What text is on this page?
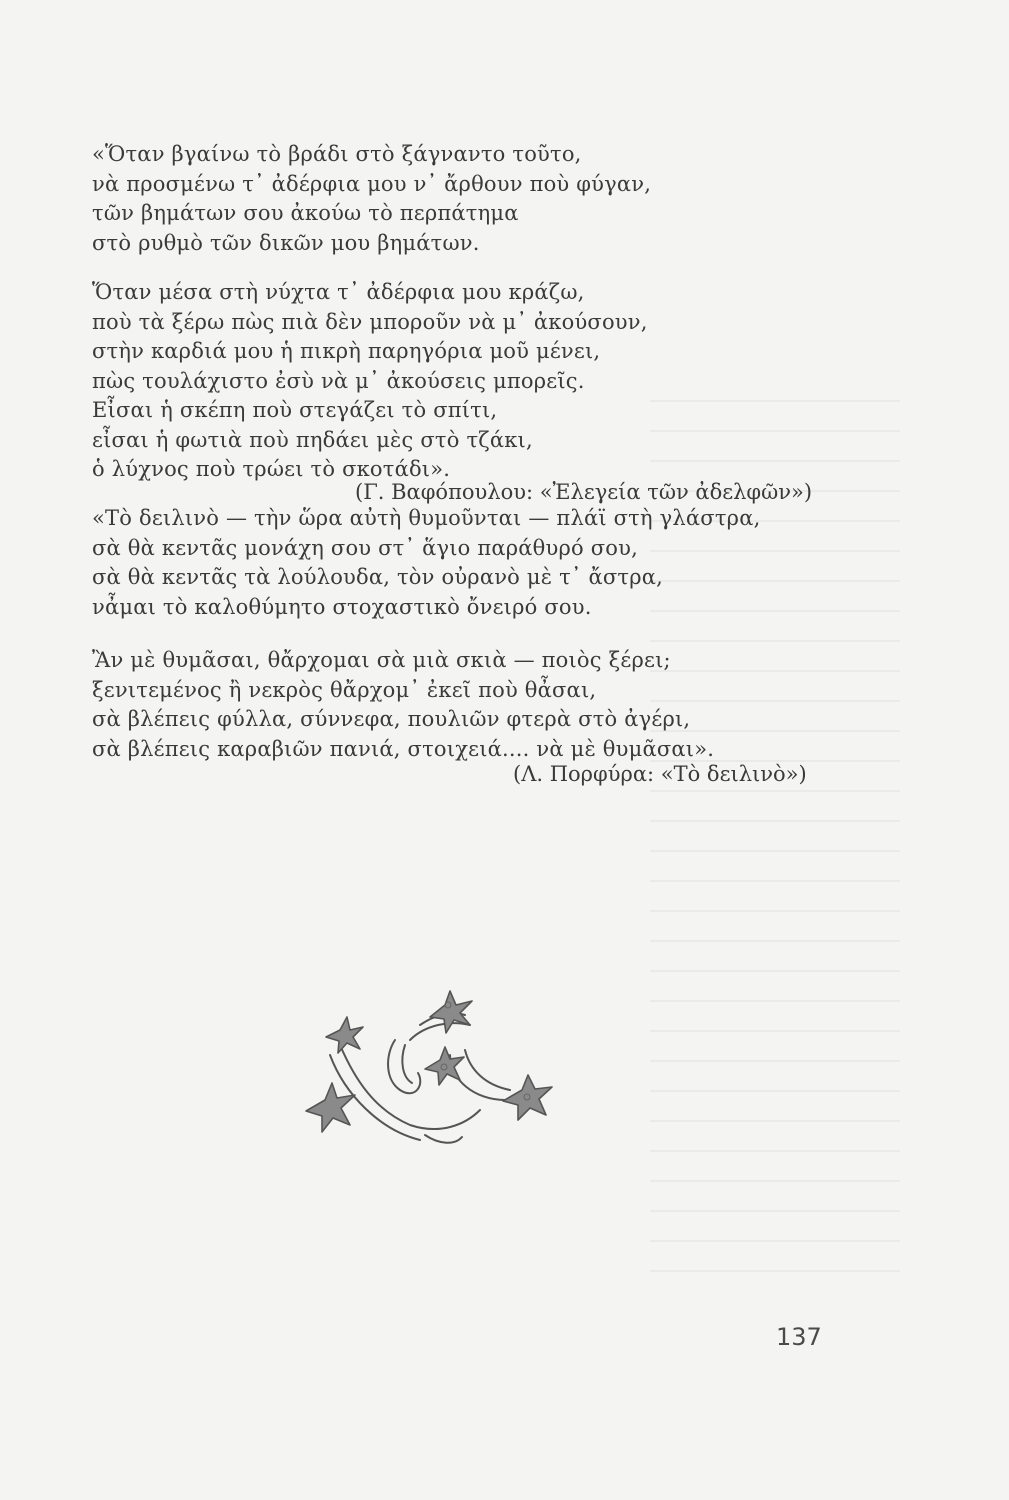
«Ὅταν βγαίνω τὸ βράδι στὸ ξάγναντο τοῦτο,
νὰ προσμένω τ᾿ ἀδέρφια μου ν᾿ ἄρθουν ποὺ φύγαν,
τῶν βημάτων σου ἀκούω τὸ περπάτημα
στὸ ρυθμὸ τῶν δικῶν μου βημάτων.
Ὅταν μέσα στὴ νύχτα τ᾿ ἀδέρφια μου κράζω,
ποὺ τὰ ξέρω πὼς πιὰ δὲν μποροῦν νὰ μ᾿ ἀκούσουν,
στὴν καρδιά μου ἡ πικρὴ παρηγόρια μοῦ μένει,
πὼς τουλάχιστο ἐσὺ νὰ μ᾿ ἀκούσεις μπορεῖς.
Εἶσαι ἡ σκέπη ποὺ στεγάζει τὸ σπίτι,
εἶσαι ἡ φωτιὰ ποὺ πηδάει μὲς στὸ τζάκι,
ὁ λύχνος ποὺ τρώει τὸ σκοτάδι».
(Γ. Βαφόπουλου: «Ἐλεγεία τῶν ἀδελφῶν»)
«Τὸ δειλινὸ — τὴν ὥρα αὐτὴ θυμοῦνται — πλάϊ στὴ γλάστρα,
σὰ θὰ κεντᾶς μονάχη σου στ᾿ ἅγιο παράθυρό σου,
σὰ θὰ κεντᾶς τὰ λούλουδα, τὸν οὐρανὸ μὲ τ᾿ ἄστρα,
νἆμαι τὸ καλοθύμητο στοχαστικὸ ὄνειρό σου.
Ἂν μὲ θυμᾶσαι, θἄρχομαι σὰ μιὰ σκιὰ — ποιὸς ξέρει;
ξενιτεμένος ἢ νεκρὸς θἄρχομ᾿ ἐκεῖ ποὺ θἆσαι,
σὰ βλέπεις φύλλα, σύννεφα, πουλιῶν φτερὰ στὸ ἀγέρι,
σὰ βλέπεις καραβιῶν πανιά, στοιχειά.... νὰ μὲ θυμᾶσαι».
(Λ. Πορφύρα: «Τὸ δειλινὸ»)
137
